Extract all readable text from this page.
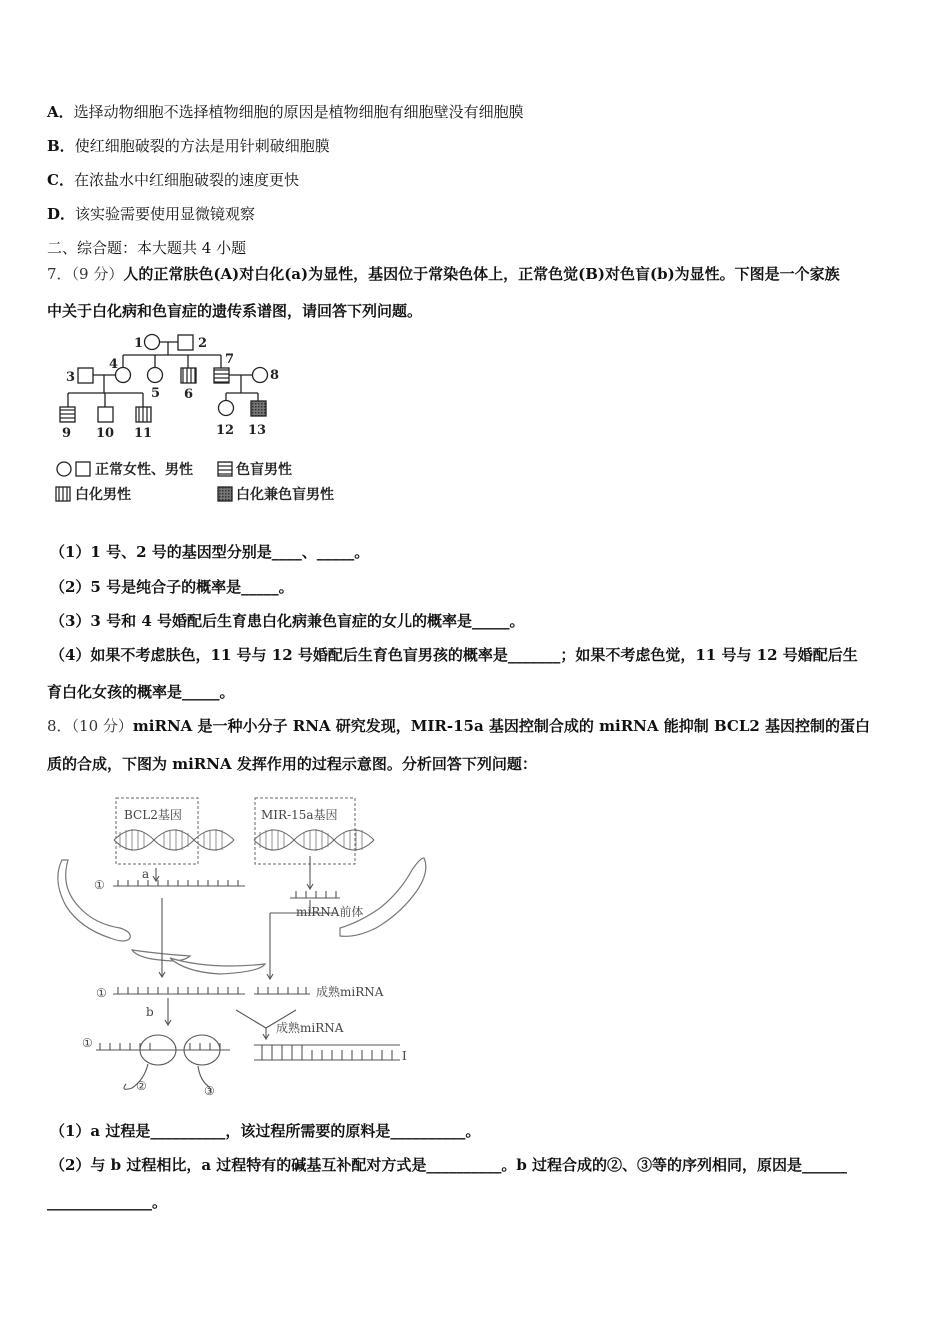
A．选择动物细胞不选择植物细胞的原因是植物细胞有细胞壁没有细胞膜
B．使红细胞破裂的方法是用针刺破细胞膜
C．在浓盐水中红细胞破裂的速度更快
D．该实验需要使用显微镜观察
二、综合题：本大题共 4 小题
7．（9 分）人的正常肤色(A)对白化(a)为显性，基因位于常染色体上，正常色觉(B)对色盲(b)为显性。下图是一个家族
中关于白化病和色盲症的遗传系谱图，请回答下列问题。
1	2
3
4
5 6
7
8
9 10 11	12 13
正常女性、男性	色盲男性
白化男性	白化兼色盲男性
（1）1 号、2 号的基因型分别是____、_____。
（2）5 号是纯合子的概率是_____。
（3）3 号和 4 号婚配后生育患白化病兼色盲症的女儿的概率是_____。
（4）如果不考虑肤色，11 号与 12 号婚配后生育色盲男孩的概率是_______；如果不考虑色觉，11 号与 12 号婚配后生
育白化女孩的概率是_____。
8．（10 分）miRNA 是一种小分子 RNA 研究发现，MIR-15a 基因控制合成的 miRNA 能抑制 BCL2 基因控制的蛋白
质的合成，下图为 miRNA 发挥作用的过程示意图。分析回答下列问题：
BCL2基因	MIR-15a基因
a
①
miRNA前体
①	成熟miRNA
b
成熟miRNA
①
②	③
I
（1）a 过程是__________，该过程所需要的原料是__________。
（2）与 b 过程相比，a 过程特有的碱基互补配对方式是__________。b 过程合成的②、③等的序列相同，原因是______
______________。
